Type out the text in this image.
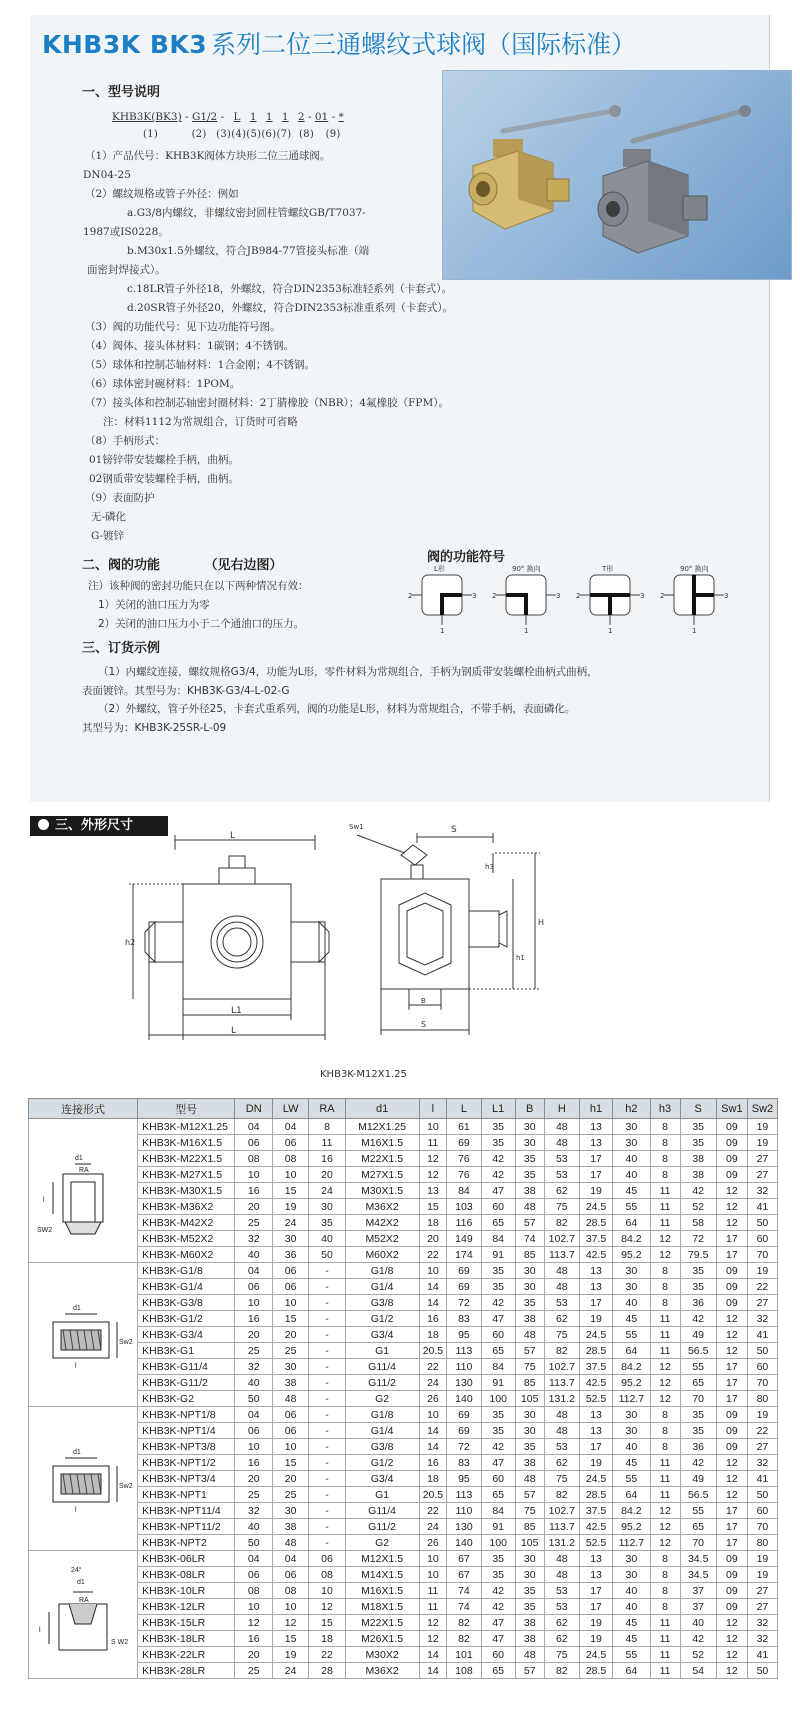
KHB3K BK3 系列二位三通螺纹式球阀（国际标准）
一、型号说明
KHB3K(BK3) - G1/2 - L 1 1 1 2 - 01 - *
(1)	(2) (3)(4)(5)(6)(7) (8) (9)
（1）产品代号：KHB3K阀体方块形二位三通球阀。
DN04-25
（2）螺纹规格或管子外径：例如
a.G3/8内螺纹，非螺纹密封圆柱管螺纹GB/T7037-
1987或IS0228。
b.M30x1.5外螺纹，符合JB984-77管接头标准（端
面密封焊接式）。
c.18LR管子外径18，外螺纹，符合DIN2353标准轻系列（卡套式）。
d.20SR管子外径20，外螺纹，符合DIN2353标准重系列（卡套式）。
（3）阀的功能代号：见下边功能符号图。
（4）阀体、接头体材料：1碳钢；4不锈钢。
（5）球体和控制芯轴材料：1合金刚；4不锈钢。
（6）球体密封碗材料：1POM。
（7）接头体和控制芯轴密封圈材料：2丁腈橡胶（NBR）；4氟橡胶（FPM）。
注：材料1112为常规组合，订货时可省略
（8）手柄形式：
01镑锌带安装螺栓手柄，曲柄。
02钢质带安装螺栓手柄，曲柄。
（9）表面防护
无-磷化
G-镀锌
二、阀的功能	（见右边图）
注）该种阀的密封功能只在以下两种情况有效：
1）关闭的油口压力为零
2）关闭的油口压力小于二个通油口的压力。
阀的功能符号
L形
2	3
1
90° 换向
2	3
1
T形
2	3
1
90° 换向
2	3
1
三、订货示例
（1）内螺纹连接，螺纹规格G3/4，功能为L形，零件材料为常规组合，手柄为钢质带安装螺栓曲柄式曲柄，
表面镀锌。其型号为：KHB3K-G3/4-L-02-G
（2）外螺纹，管子外径25，卡套式重系列，阀的功能是L形，材料为常规组合，不带手柄，表面磷化。
其型号为：KHB3K-25SR-L-09
三、外形尺寸
L
L1
L
h2
Sw1	S
h3
H
h1
B
S
KHB3K-M12X1.25
连接形式	型号	DN	LW	RA	d1	l	L	L1	B	H	h1	h2	h3	S	Sw1	Sw2

d1
RA
l
SW2	KHB3K-M12X1.25	04	04	8	M12X1.25	10	61	35	30	48	13	30	8	35	09	19
	KHB3K-M16X1.5	06	06	11	M16X1.5	11	69	35	30	48	13	30	8	35	09	19
	KHB3K-M22X1.5	08	08	16	M22X1.5	12	76	42	35	53	17	40	8	38	09	27
	KHB3K-M27X1.5	10	10	20	M27X1.5	12	76	42	35	53	17	40	8	38	09	27
	KHB3K-M30X1.5	16	15	24	M30X1.5	13	84	47	38	62	19	45	11	42	12	32
	KHB3K-M36X2	20	19	30	M36X2	15	103	60	48	75	24.5	55	11	52	12	41
	KHB3K-M42X2	25	24	35	M42X2	18	116	65	57	82	28.5	64	11	58	12	50
	KHB3K-M52X2	32	30	40	M52X2	20	149	84	74	102.7	37.5	84.2	12	72	17	60
	KHB3K-M60X2	40	36	50	M60X2	22	174	91	85	113.7	42.5	95.2	12	79.5	17	70

d1
l
Sw2	KHB3K-G1/8	04	06	-	G1/8	10	69	35	30	48	13	30	8	35	09	19
	KHB3K-G1/4	06	06	-	G1/4	14	69	35	30	48	13	30	8	35	09	22
	KHB3K-G3/8	10	10	-	G3/8	14	72	42	35	53	17	40	8	36	09	27
	KHB3K-G1/2	16	15	-	G1/2	16	83	47	38	62	19	45	11	42	12	32
	KHB3K-G3/4	20	20	-	G3/4	18	95	60	48	75	24.5	55	11	49	12	41
	KHB3K-G1	25	25	-	G1	20.5	113	65	57	82	28.5	64	11	56.5	12	50
	KHB3K-G11/4	32	30	-	G11/4	22	110	84	75	102.7	37.5	84.2	12	55	17	60
	KHB3K-G11/2	40	38	-	G11/2	24	130	91	85	113.7	42.5	95.2	12	65	17	70
	KHB3K-G2	50	48	-	G2	26	140	100	105	131.2	52.5	112.7	12	70	17	80

d1
l
Sw2	KHB3K-NPT1/8	04	06	-	G1/8	10	69	35	30	48	13	30	8	35	09	19
	KHB3K-NPT1/4	06	06	-	G1/4	14	69	35	30	48	13	30	8	35	09	22
	KHB3K-NPT3/8	10	10	-	G3/8	14	72	42	35	53	17	40	8	36	09	27
	KHB3K-NPT1/2	16	15	-	G1/2	16	83	47	38	62	19	45	11	42	12	32
	KHB3K-NPT3/4	20	20	-	G3/4	18	95	60	48	75	24.5	55	11	49	12	41
	KHB3K-NPT1	25	25	-	G1	20.5	113	65	57	82	28.5	64	11	56.5	12	50
	KHB3K-NPT11/4	32	30	-	G11/4	22	110	84	75	102.7	37.5	84.2	12	55	17	60
	KHB3K-NPT11/2	40	38	-	G11/2	24	130	91	85	113.7	42.5	95.2	12	65	17	70
	KHB3K-NPT2	50	48	-	G2	26	140	100	105	131.2	52.5	112.7	12	70	17	80

24°
d1
RA
l
S W2	KHB3K-06LR	04	04	06	M12X1.5	10	67	35	30	48	13	30	8	34.5	09	19
	KHB3K-08LR	06	06	08	M14X1.5	10	67	35	30	48	13	30	8	34.5	09	19
	KHB3K-10LR	08	08	10	M16X1.5	11	74	42	35	53	17	40	8	37	09	27
	KHB3K-12LR	10	10	12	M18X1.5	11	74	42	35	53	17	40	8	37	09	27
	KHB3K-15LR	12	12	15	M22X1.5	12	82	47	38	62	19	45	11	40	12	32
	KHB3K-18LR	16	15	18	M26X1.5	12	82	47	38	62	19	45	11	42	12	32
	KHB3K-22LR	20	19	22	M30X2	14	101	60	48	75	24.5	55	11	52	12	41
	KHB3K-28LR	25	24	28	M36X2	14	108	65	57	82	28.5	64	11	54	12	50
